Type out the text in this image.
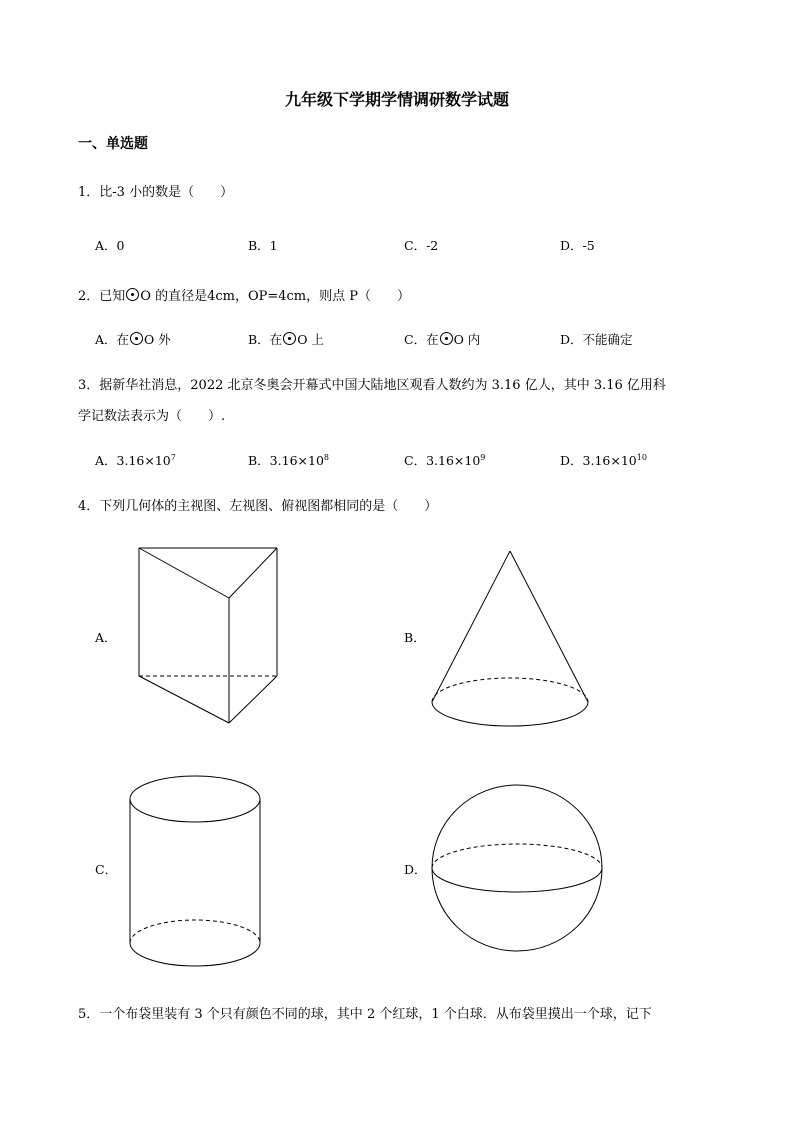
九年级下学期学情调研数学试题
一、单选题
1．比-3 小的数是（　　）
A．0	B．1	C．-2	D．-5
2．已知 O 的直径是4cm，OP=4cm，则点 P（　　）
A．在 O 外	B．在 O 上	C．在 O 内	D．不能确定
3．据新华社消息，2022 北京冬奥会开幕式中国大陆地区观看人数约为 3.16 亿人，其中 3.16 亿用科
学记数法表示为（　　）.
A．$3.16\times 10^7$	B．$3.16\times 10^8$	C．$3.16\times 10^9$	D．$3.16\times 10^{10}$
4．下列几何体的主视图、左视图、俯视图都相同的是（　　）
A．	B．
C．	D．
5．一个布袋里装有 3 个只有颜色不同的球，其中 2 个红球，1 个白球．从布袋里摸出一个球，记下
